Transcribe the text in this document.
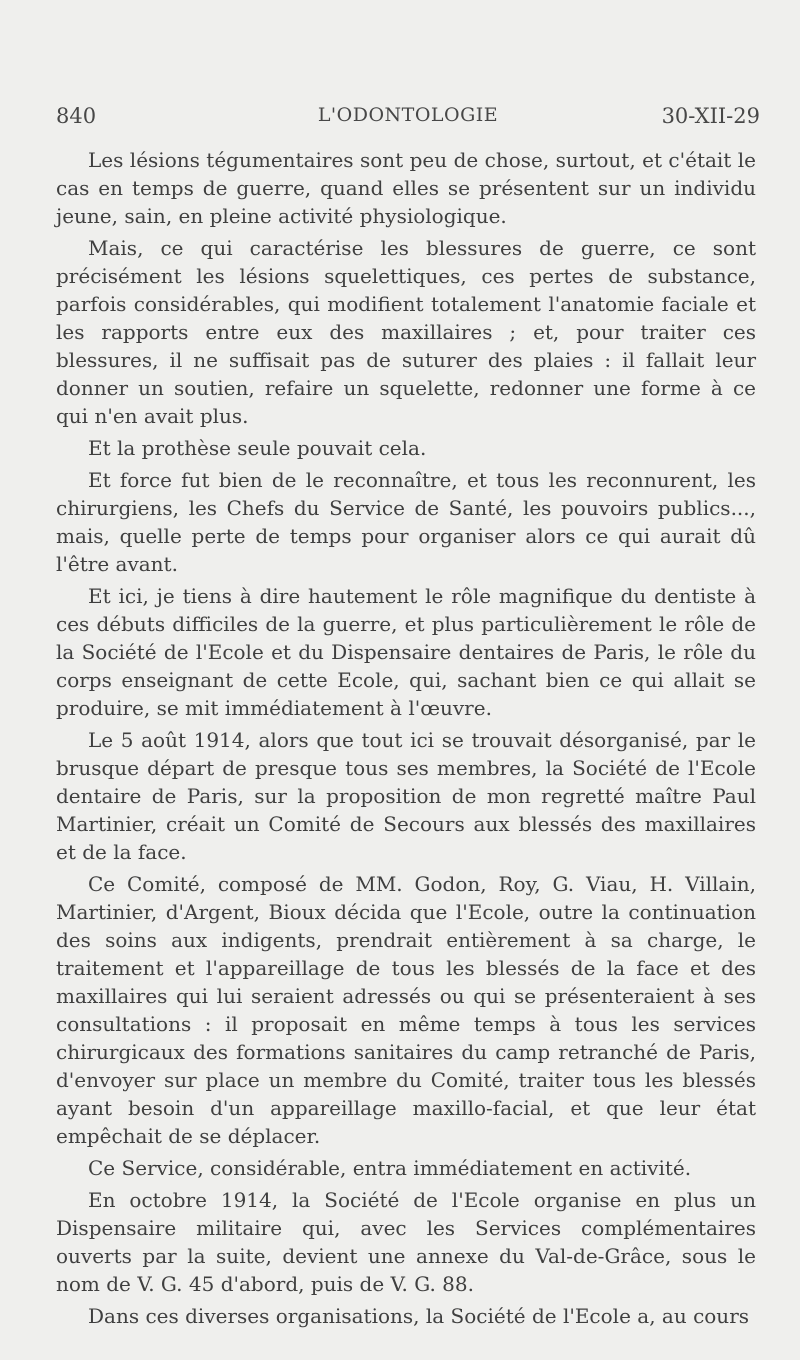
840	L'ODONTOLOGIE	30-XII-29

Les lésions tégumentaires sont peu de chose, surtout, et c'était le cas en temps de guerre, quand elles se présentent sur un individu jeune, sain, en pleine activité physiologique.

Mais, ce qui caractérise les blessures de guerre, ce sont précisément les lésions squelettiques, ces pertes de substance, parfois considérables, qui modifient totalement l'anatomie faciale et les rapports entre eux des maxillaires ; et, pour traiter ces blessures, il ne suffisait pas de suturer des plaies : il fallait leur donner un soutien, refaire un squelette, redonner une forme à ce qui n'en avait plus.

Et la prothèse seule pouvait cela.

Et force fut bien de le reconnaître, et tous les reconnurent, les chirurgiens, les Chefs du Service de Santé, les pouvoirs publics..., mais, quelle perte de temps pour organiser alors ce qui aurait dû l'être avant.

Et ici, je tiens à dire hautement le rôle magnifique du dentiste à ces débuts difficiles de la guerre, et plus particulièrement le rôle de la Société de l'Ecole et du Dispensaire dentaires de Paris, le rôle du corps enseignant de cette Ecole, qui, sachant bien ce qui allait se produire, se mit immédiatement à l'œuvre.

Le 5 août 1914, alors que tout ici se trouvait désorganisé, par le brusque départ de presque tous ses membres, la Société de l'Ecole dentaire de Paris, sur la proposition de mon regretté maître Paul Martinier, créait un Comité de Secours aux blessés des maxillaires et de la face.

Ce Comité, composé de MM. Godon, Roy, G. Viau, H. Villain, Martinier, d'Argent, Bioux décida que l'Ecole, outre la continuation des soins aux indigents, prendrait entièrement à sa charge, le traitement et l'appareillage de tous les blessés de la face et des maxillaires qui lui seraient adressés ou qui se présenteraient à ses consultations : il proposait en même temps à tous les services chirurgicaux des formations sanitaires du camp retranché de Paris, d'envoyer sur place un membre du Comité, traiter tous les blessés ayant besoin d'un appareillage maxillo-facial, et que leur état empêchait de se déplacer.

Ce Service, considérable, entra immédiatement en activité.

En octobre 1914, la Société de l'Ecole organise en plus un Dispensaire militaire qui, avec les Services complémentaires ouverts par la suite, devient une annexe du Val-de-Grâce, sous le nom de V. G. 45 d'abord, puis de V. G. 88.

Dans ces diverses organisations, la Société de l'Ecole a, au cours
